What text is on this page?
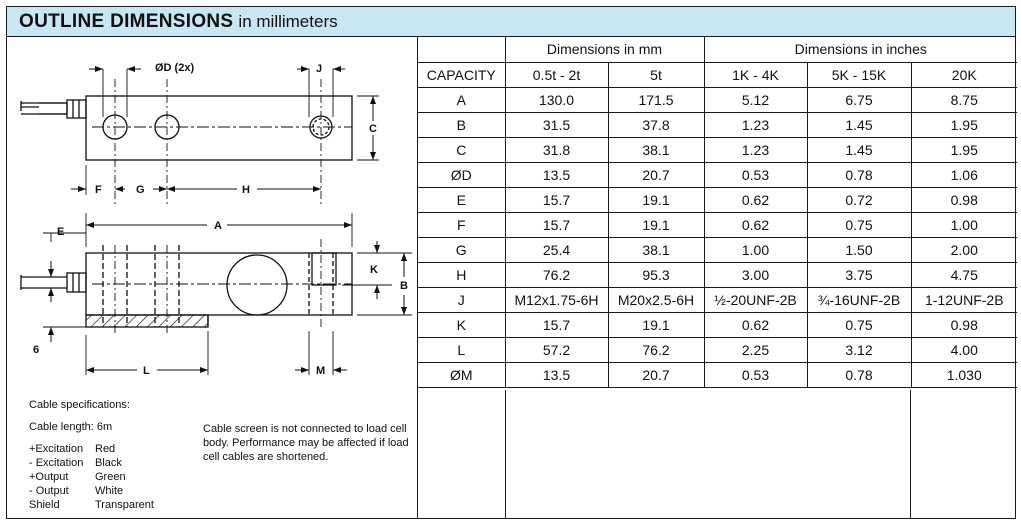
OUTLINE DIMENSIONS in millimeters
ØD (2x)	J
C
F	G	H
E	A
K
B
6
L	M
Cable specifications:
Cable length: 6m
+Excitation	Red
- Excitation	Black
+Output	Green
- Output	White
Shield	Transparent
Cable screen is not connected to load cell body. Performance may be affected if load cell cables are shortened.
	Dimensions in mm		Dimensions in inches		
CAPACITY	0.5t - 2t	5t	1K - 4K	5K - 15K	20K
A	130.0	171.5	5.12	6.75	8.75
B	31.5	37.8	1.23	1.45	1.95
C	31.8	38.1	1.23	1.45	1.95
ØD	13.5	20.7	0.53	0.78	1.06
E	15.7	19.1	0.62	0.72	0.98
F	15.7	19.1	0.62	0.75	1.00
G	25.4	38.1	1.00	1.50	2.00
H	76.2	95.3	3.00	3.75	4.75
J	M12x1.75-6H	M20x2.5-6H	½-20UNF-2B	¾-16UNF-2B	1-12UNF-2B
K	15.7	19.1	0.62	0.75	0.98
L	57.2	76.2	2.25	3.12	4.00
ØM	13.5	20.7	0.53	0.78	1.030
